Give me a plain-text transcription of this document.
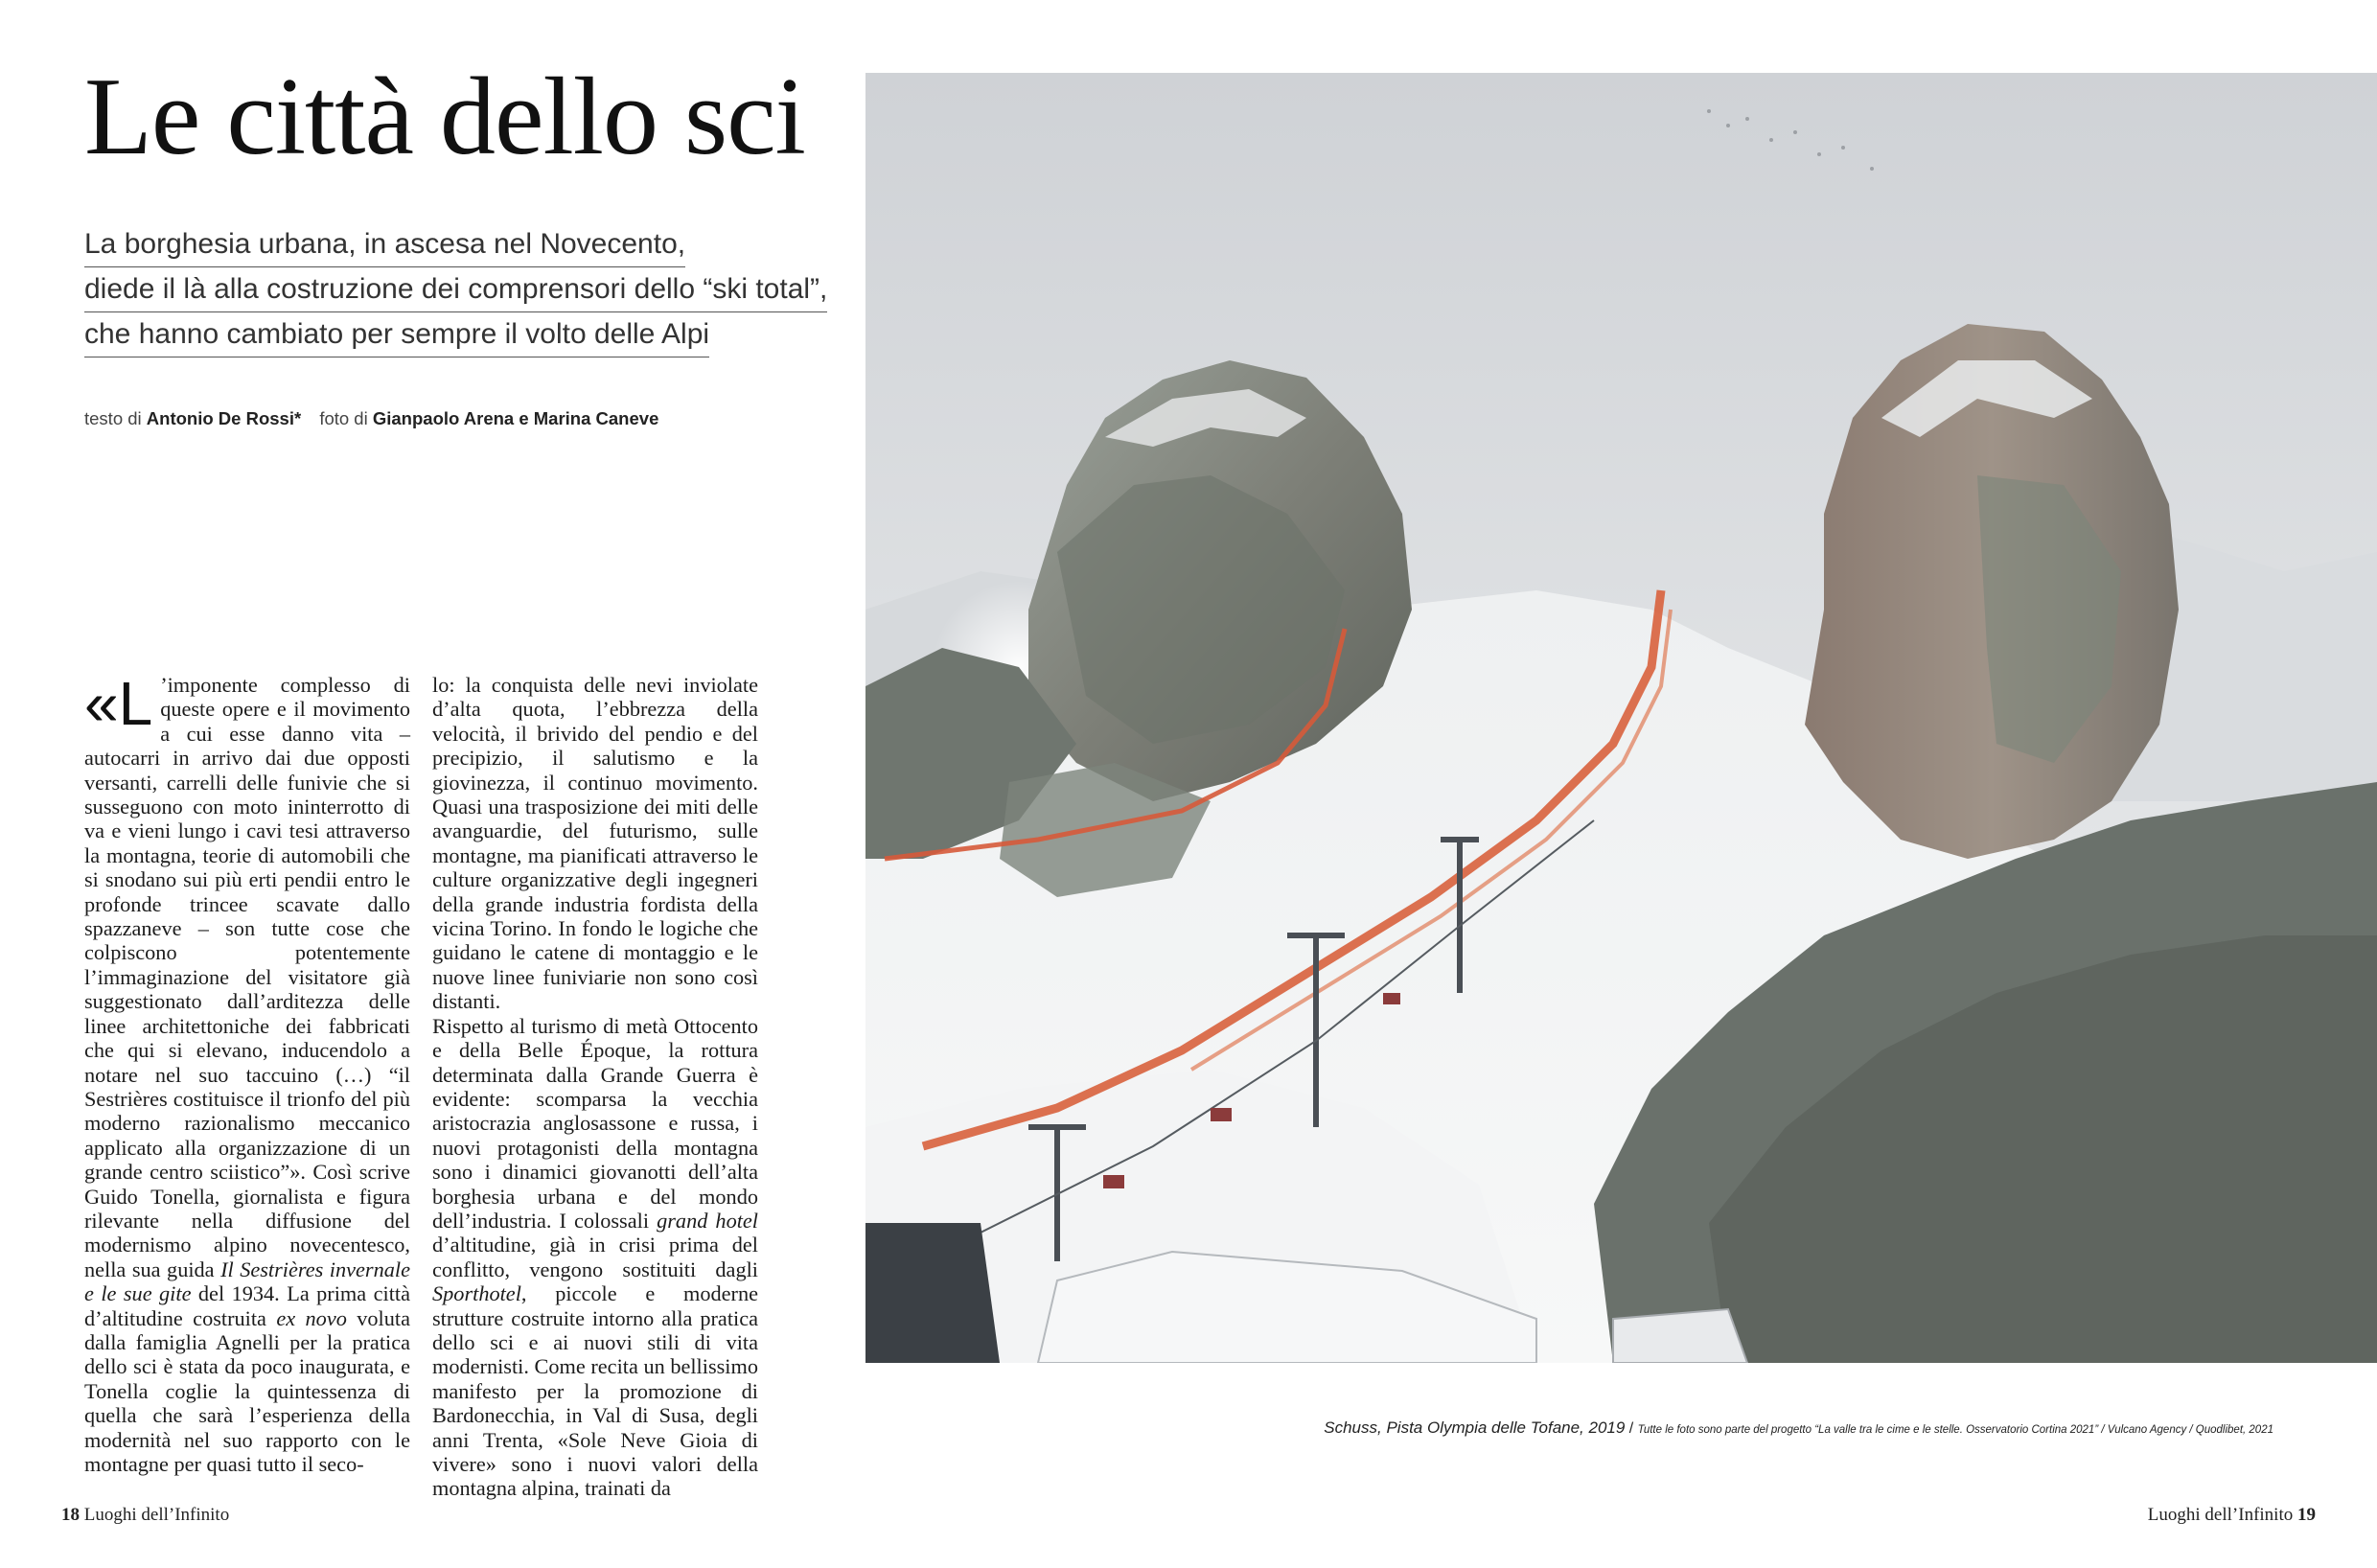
Le città dello sci
La borghesia urbana, in ascesa nel Novecento,
diede il là alla costruzione dei comprensori dello “ski total”,
che hanno cambiato per sempre il volto delle Alpi
testo di Antonio De Rossi* foto di Gianpaolo Arena e Marina Caneve

«L ’imponente complesso di queste opere e il movimento a cui esse danno vita – autocarri in arrivo dai due opposti versanti, carrelli delle funivie che si susseguono con moto ininterrotto di va e vieni lungo i cavi tesi attraverso la montagna, teorie di automobili che si snodano sui più erti pendii entro le profonde trincee scavate dallo spazzaneve – son tutte cose che colpiscono potentemente l’immaginazione del visitatore già suggestionato dall’arditezza delle linee architettoniche dei fabbricati che qui si elevano, inducendolo a notare nel suo taccuino (…) “il Sestrières costituisce il trionfo del più moderno razionalismo meccanico applicato alla organizzazione di un grande centro sciistico”». Così scrive Guido Tonella, giornalista e figura rilevante nella diffusione del modernismo alpino novecentesco, nella sua guida Il Sestrières invernale e le sue gite del 1934. La prima città d’altitudine costruita ex novo voluta dalla famiglia Agnelli per la pratica dello sci è stata da poco inaugurata, e Tonella coglie la quintessenza di quella che sarà l’esperienza della modernità nel suo rapporto con le montagne per quasi tutto il seco-

lo: la conquista delle nevi inviolate d’alta quota, l’ebbrezza della velocità, il brivido del pendio e del precipizio, il salutismo e la giovinezza, il continuo movimento. Quasi una trasposizione dei miti delle avanguardie, del futurismo, sulle montagne, ma pianificati attraverso le culture organizzative degli ingegneri della grande industria fordista della vicina Torino. In fondo le logiche che guidano le catene di montaggio e le nuove linee funiviarie non sono così distanti.

Rispetto al turismo di metà Ottocento e della Belle Époque, la rottura determinata dalla Grande Guerra è evidente: scomparsa la vecchia aristocrazia anglosassone e russa, i nuovi protagonisti della montagna sono i dinamici giovanotti dell’alta borghesia urbana e del mondo dell’industria. I colossali grand hotel d’altitudine, già in crisi prima del conflitto, vengono sostituiti dagli Sporthotel, piccole e moderne strutture costruite intorno alla pratica dello sci e ai nuovi stili di vita modernisti. Come recita un bellissimo manifesto per la promozione di Bardonecchia, in Val di Susa, degli anni Trenta, «Sole Neve Gioia di vivere» sono i nuovi valori della montagna alpina, trainati da

Schuss, Pista Olympia delle Tofane, 2019 / Tutte le foto sono parte del progetto “La valle tra le cime e le stelle. Osservatorio Cortina 2021” / Vulcano Agency / Quodlibet, 2021
18 Luoghi dell’Infinito	Luoghi dell’Infinito 19
